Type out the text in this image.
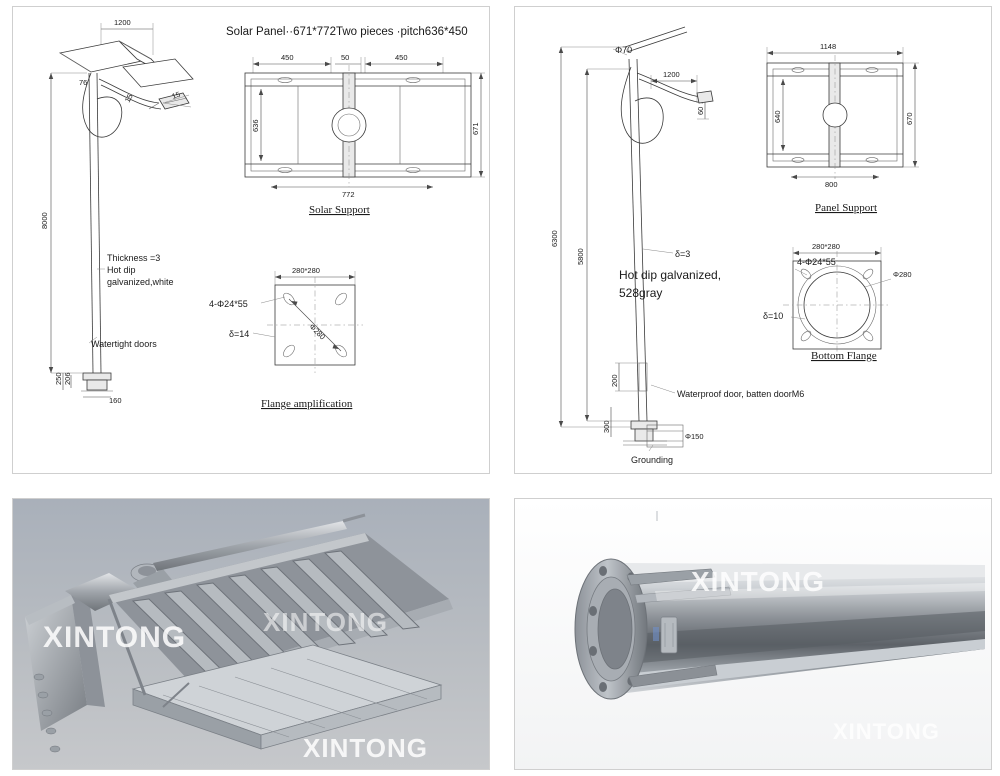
Solar Panel··671*772Two pieces ·pitch636*450
1200
76
15	15
8000
250 206
160
Thickness =3
Hot dip
galvanized,white
Watertight doors
450	50	450
636	671
772
Solar Support
280*280
Φ280
4-Φ24*55
δ=14
Flange amplification
Φ70
1200
60
6300
5800	δ=3
Hot dip galvanized,
528gray
200
300
Waterproof door, batten doorM6
Φ150
Grounding
1148
640	670
800
Panel Support
280*280
Φ280
4-Φ24*55
δ=10
Bottom Flange
XINTONG	XINTONG
XINTONG
XINTONG
XINTONG
